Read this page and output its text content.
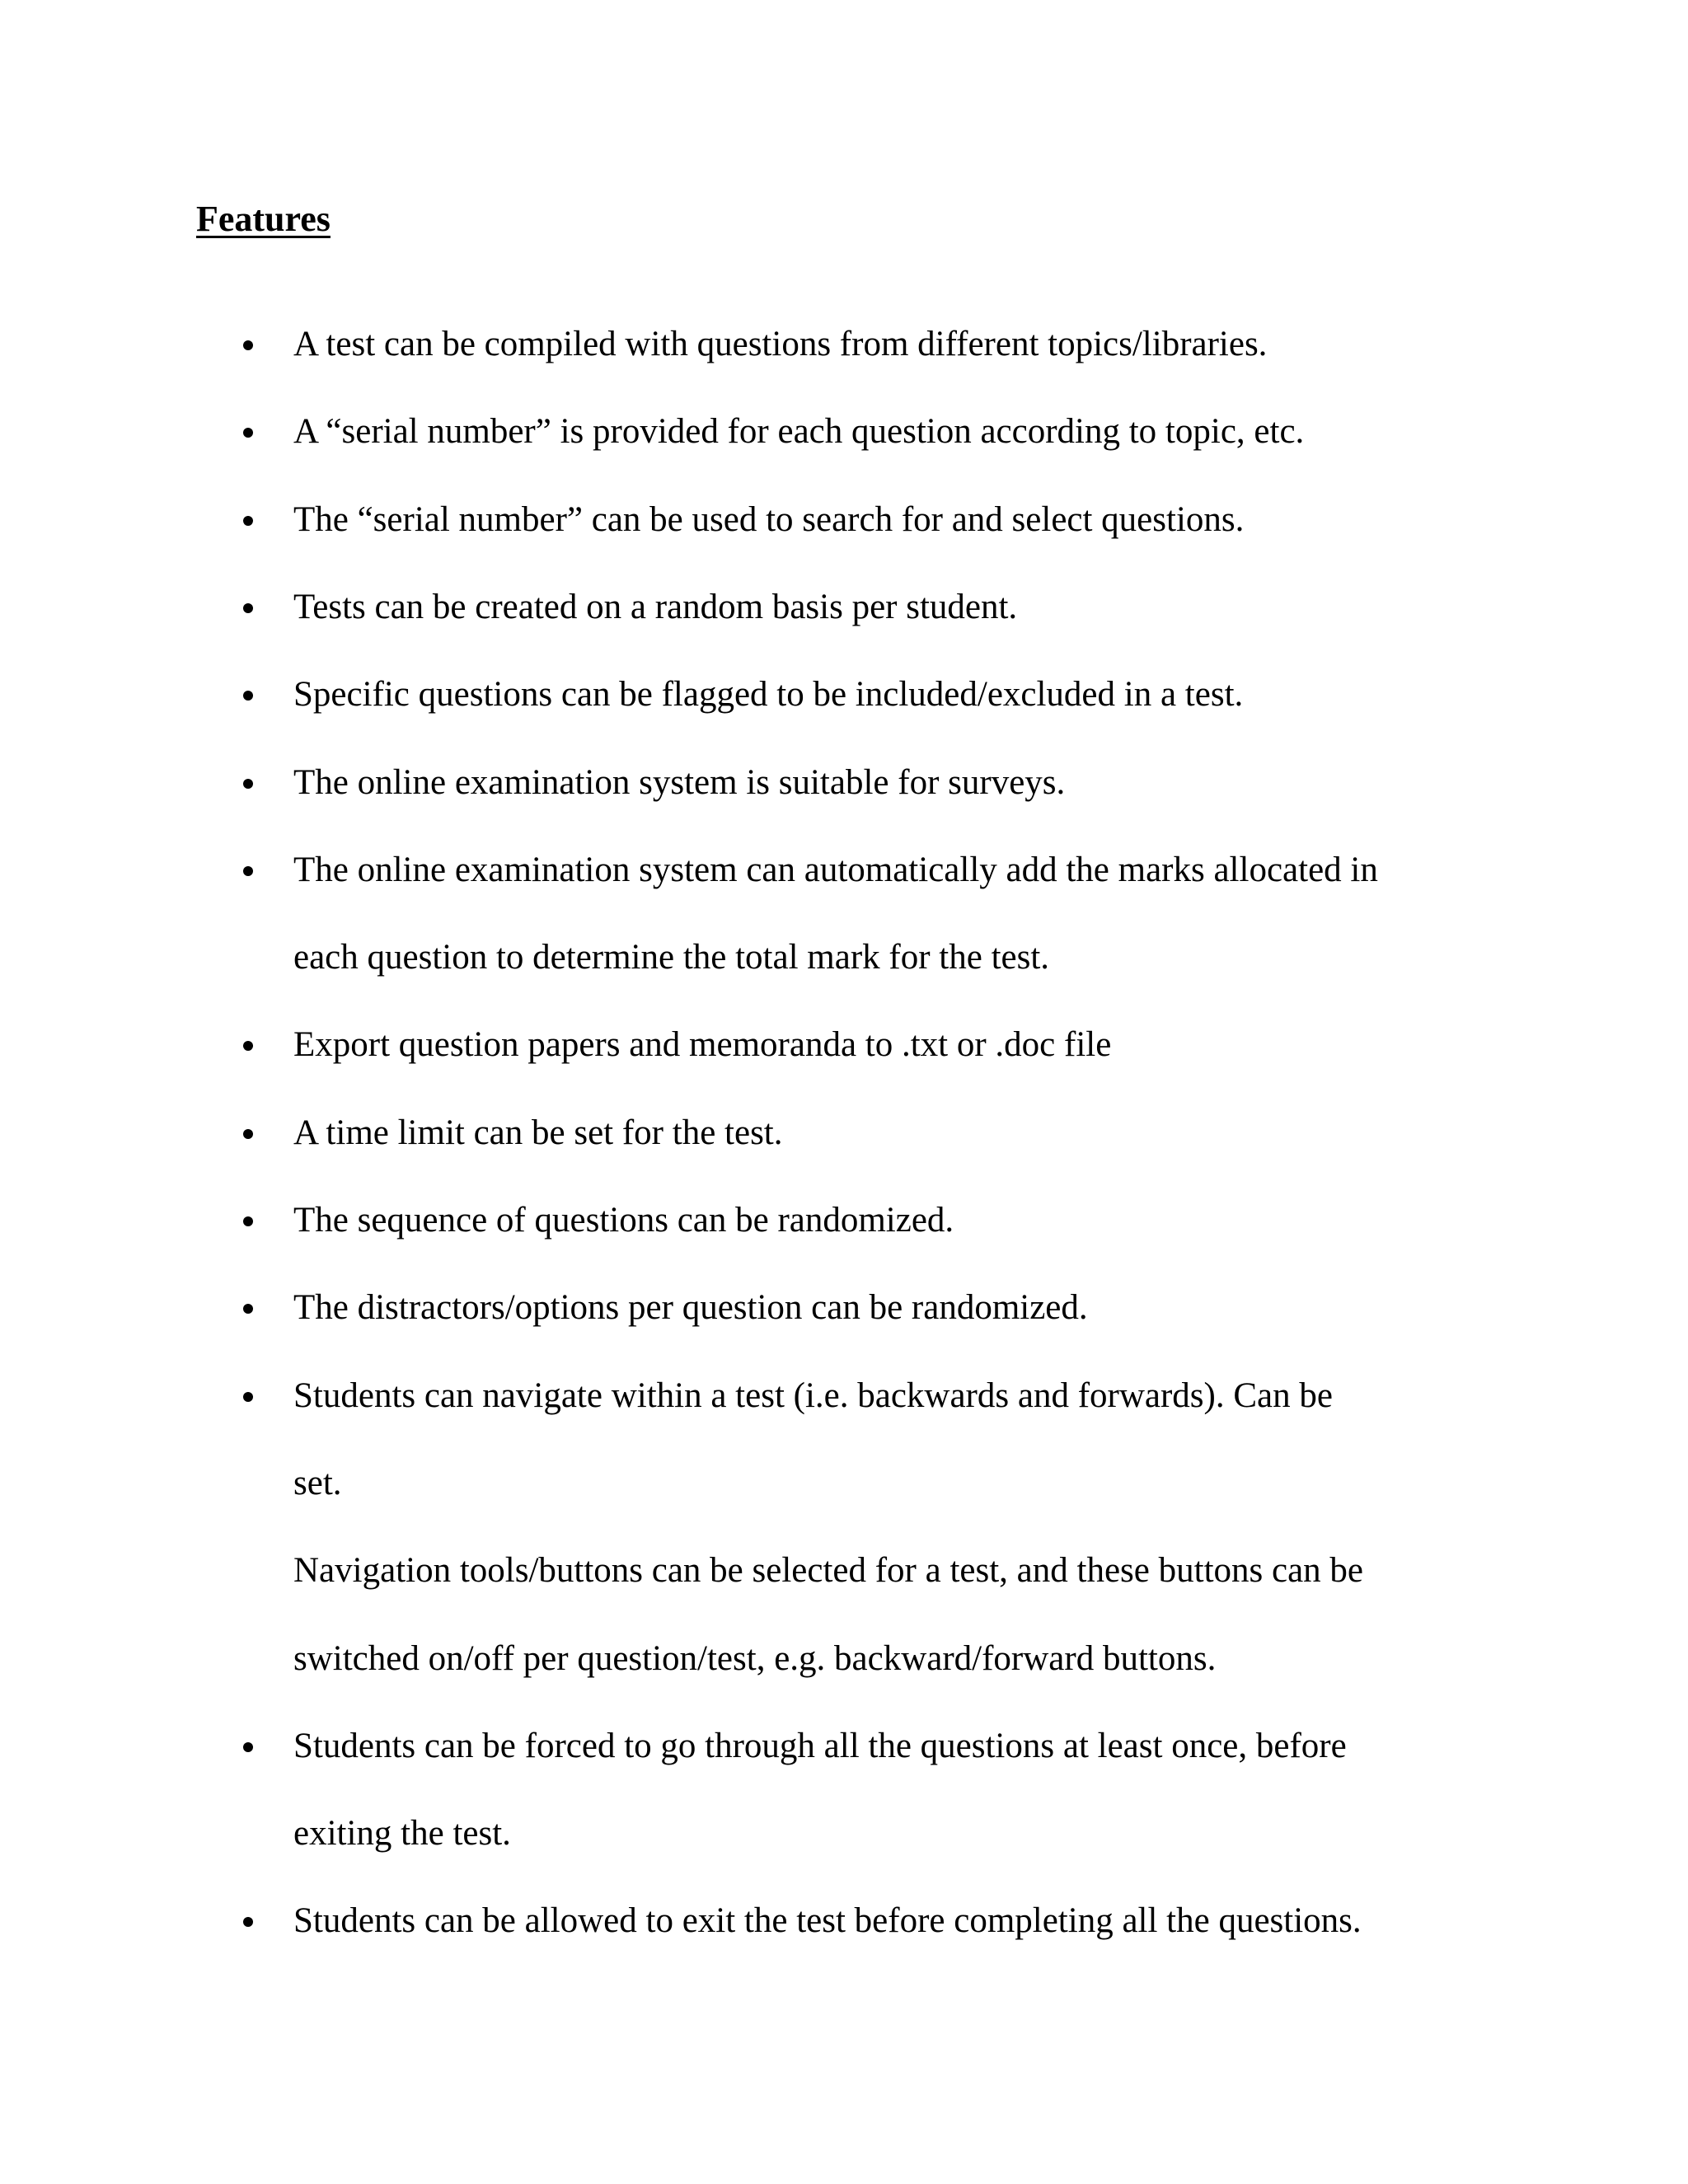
Features
A test can be compiled with questions from different topics/libraries.
A “serial number” is provided for each question according to topic, etc.
The “serial number” can be used to search for and select questions.
Tests can be created on a random basis per student.
Specific questions can be flagged to be included/excluded in a test.
The online examination system is suitable for surveys.
The online examination system can automatically add the marks allocated in
each question to determine the total mark for the test.
Export question papers and memoranda to .txt or .doc file
A time limit can be set for the test.
The sequence of questions can be randomized.
The distractors/options per question can be randomized.
Students can navigate within a test (i.e. backwards and forwards). Can be
set.
Navigation tools/buttons can be selected for a test, and these buttons can be
switched on/off per question/test, e.g. backward/forward buttons.
Students can be forced to go through all the questions at least once, before
exiting the test.
Students can be allowed to exit the test before completing all the questions.
